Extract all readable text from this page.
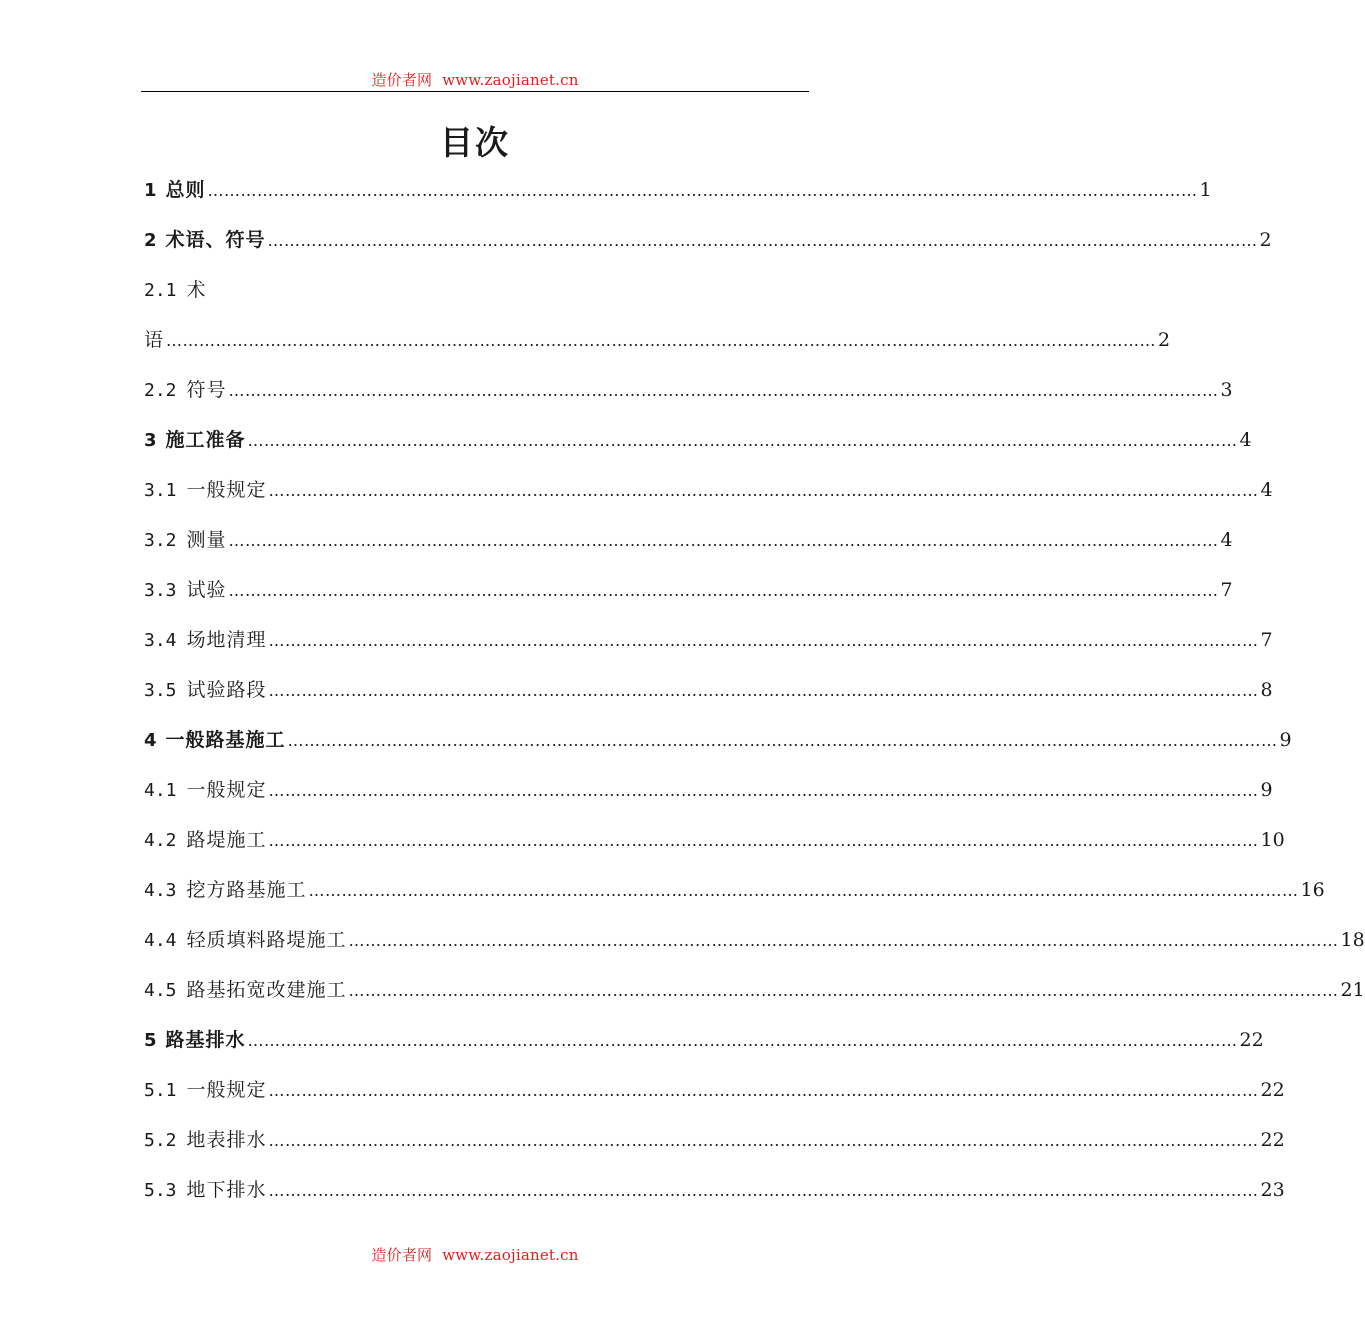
造价者网 www.zaojianet.cn
目次
1 总则 ……………………………………………………………………………………………………………………………………………………………… 1
2 术语、符号 ……………………………………………………………………………………………………………………………………………………………… 2
2.1 术
语 ……………………………………………………………………………………………………………………………………………………………… 2
2.2 符号 ……………………………………………………………………………………………………………………………………………………………… 3
3 施工准备 ……………………………………………………………………………………………………………………………………………………………… 4
3.1 一般规定 ……………………………………………………………………………………………………………………………………………………………… 4
3.2 测量 ……………………………………………………………………………………………………………………………………………………………… 4
3.3 试验 ……………………………………………………………………………………………………………………………………………………………… 7
3.4 场地清理 ……………………………………………………………………………………………………………………………………………………………… 7
3.5 试验路段 ……………………………………………………………………………………………………………………………………………………………… 8
4 一般路基施工 ……………………………………………………………………………………………………………………………………………………………… 9
4.1 一般规定 ……………………………………………………………………………………………………………………………………………………………… 9
4.2 路堤施工 ……………………………………………………………………………………………………………………………………………………………… 10
4.3 挖方路基施工 ……………………………………………………………………………………………………………………………………………………………… 16
4.4 轻质填料路堤施工 ……………………………………………………………………………………………………………………………………………………………… 18
4.5 路基拓宽改建施工 ……………………………………………………………………………………………………………………………………………………………… 21
5 路基排水 ……………………………………………………………………………………………………………………………………………………………… 22
5.1 一般规定 ……………………………………………………………………………………………………………………………………………………………… 22
5.2 地表排水 ……………………………………………………………………………………………………………………………………………………………… 22
5.3 地下排水 ……………………………………………………………………………………………………………………………………………………………… 23
造价者网 www.zaojianet.cn
